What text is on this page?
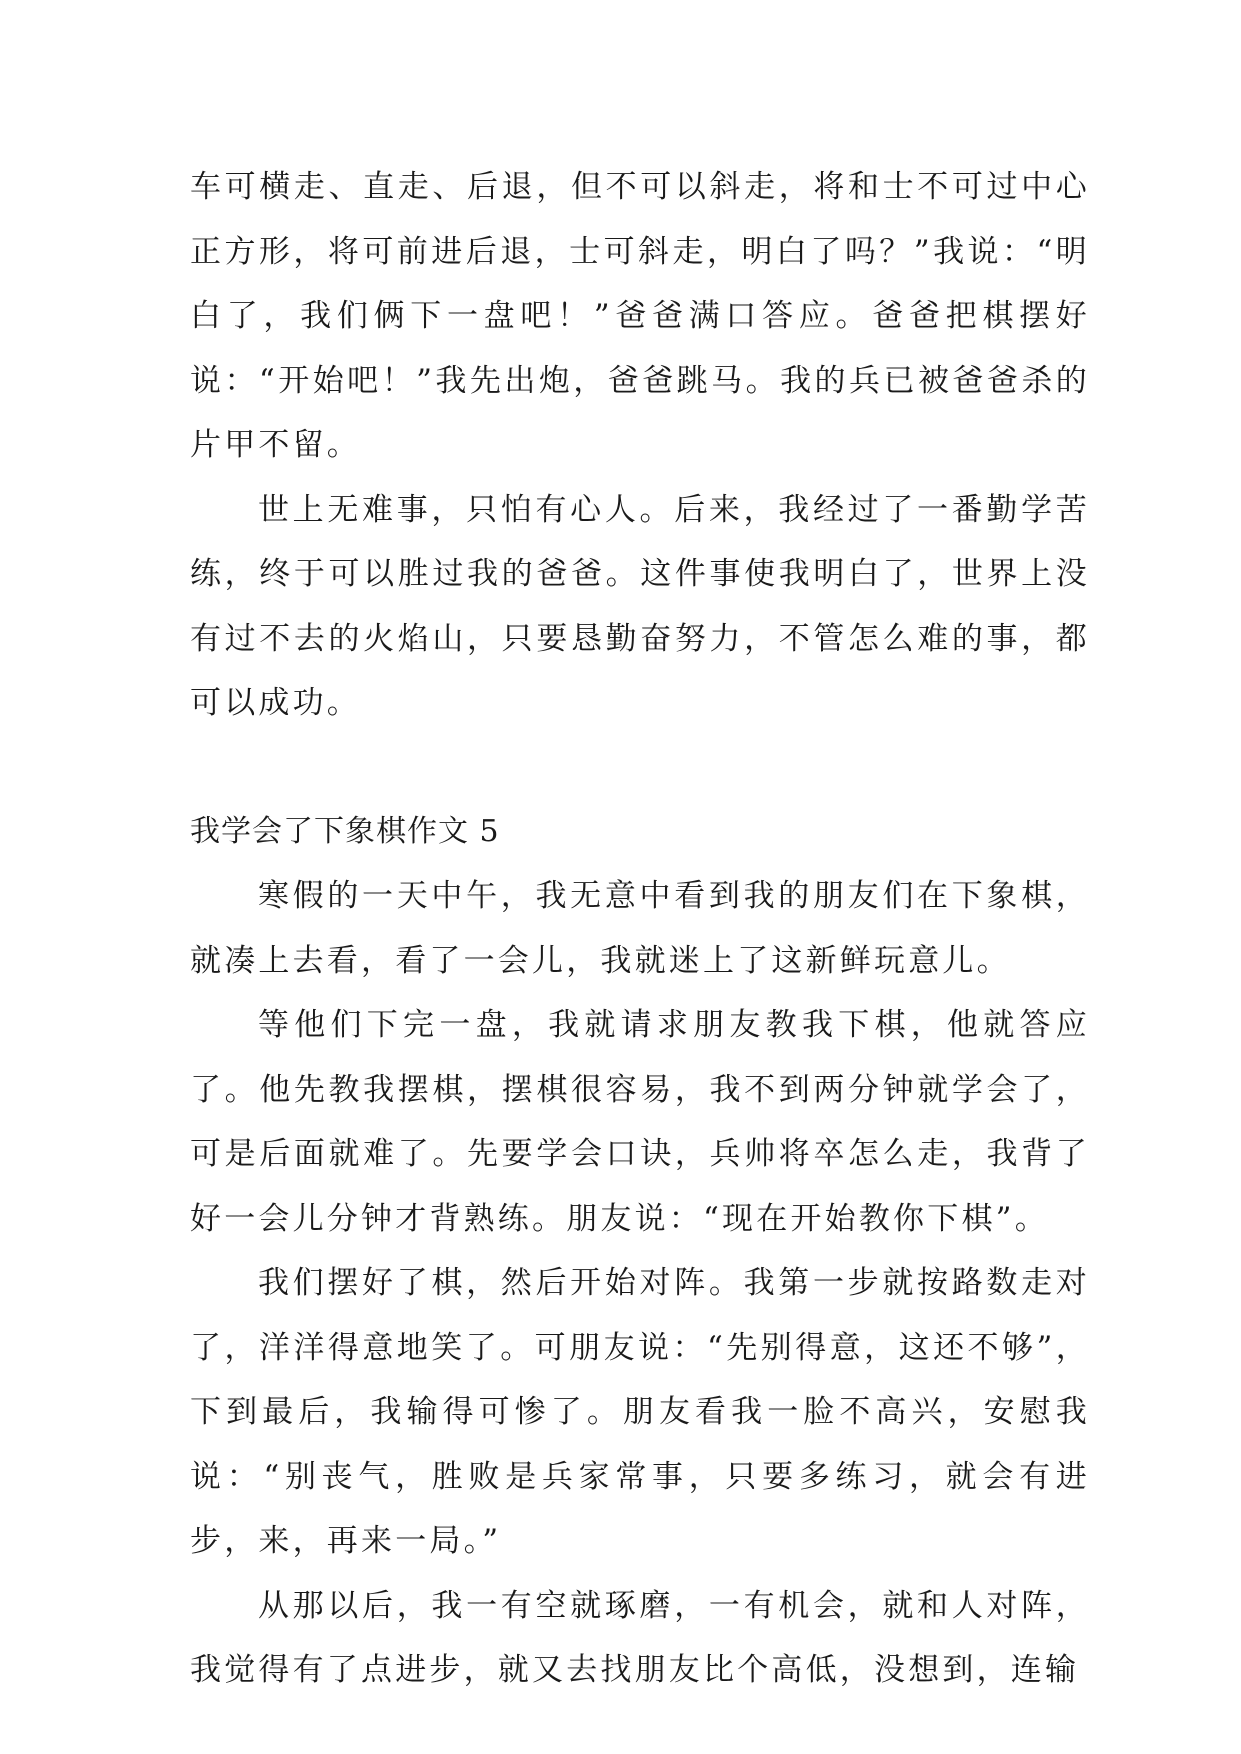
车可横走、直走、后退，但不可以斜走，将和士不可过中心正方形，将可前进后退，士可斜走，明白了吗？”我说：“明白了，我们俩下一盘吧！”爸爸满口答应。爸爸把棋摆好说：“开始吧！”我先出炮，爸爸跳马。我的兵已被爸爸杀的片甲不留。

世上无难事，只怕有心人。后来，我经过了一番勤学苦练，终于可以胜过我的爸爸。这件事使我明白了，世界上没有过不去的火焰山，只要恳勤奋努力，不管怎么难的事，都可以成功。

我学会了下象棋作文 5

寒假的一天中午，我无意中看到我的朋友们在下象棋，就凑上去看，看了一会儿，我就迷上了这新鲜玩意儿。

等他们下完一盘，我就请求朋友教我下棋，他就答应了。他先教我摆棋，摆棋很容易，我不到两分钟就学会了，可是后面就难了。先要学会口诀，兵帅将卒怎么走，我背了好一会儿分钟才背熟练。朋友说：“现在开始教你下棋”。

我们摆好了棋，然后开始对阵。我第一步就按路数走对了，洋洋得意地笑了。可朋友说：“先别得意，这还不够”，下到最后，我输得可惨了。朋友看我一脸不高兴，安慰我说：“别丧气，胜败是兵家常事，只要多练习，就会有进步，来，再来一局。”

从那以后，我一有空就琢磨，一有机会，就和人对阵，我觉得有了点进步，就又去找朋友比个高低，没想到，连输
